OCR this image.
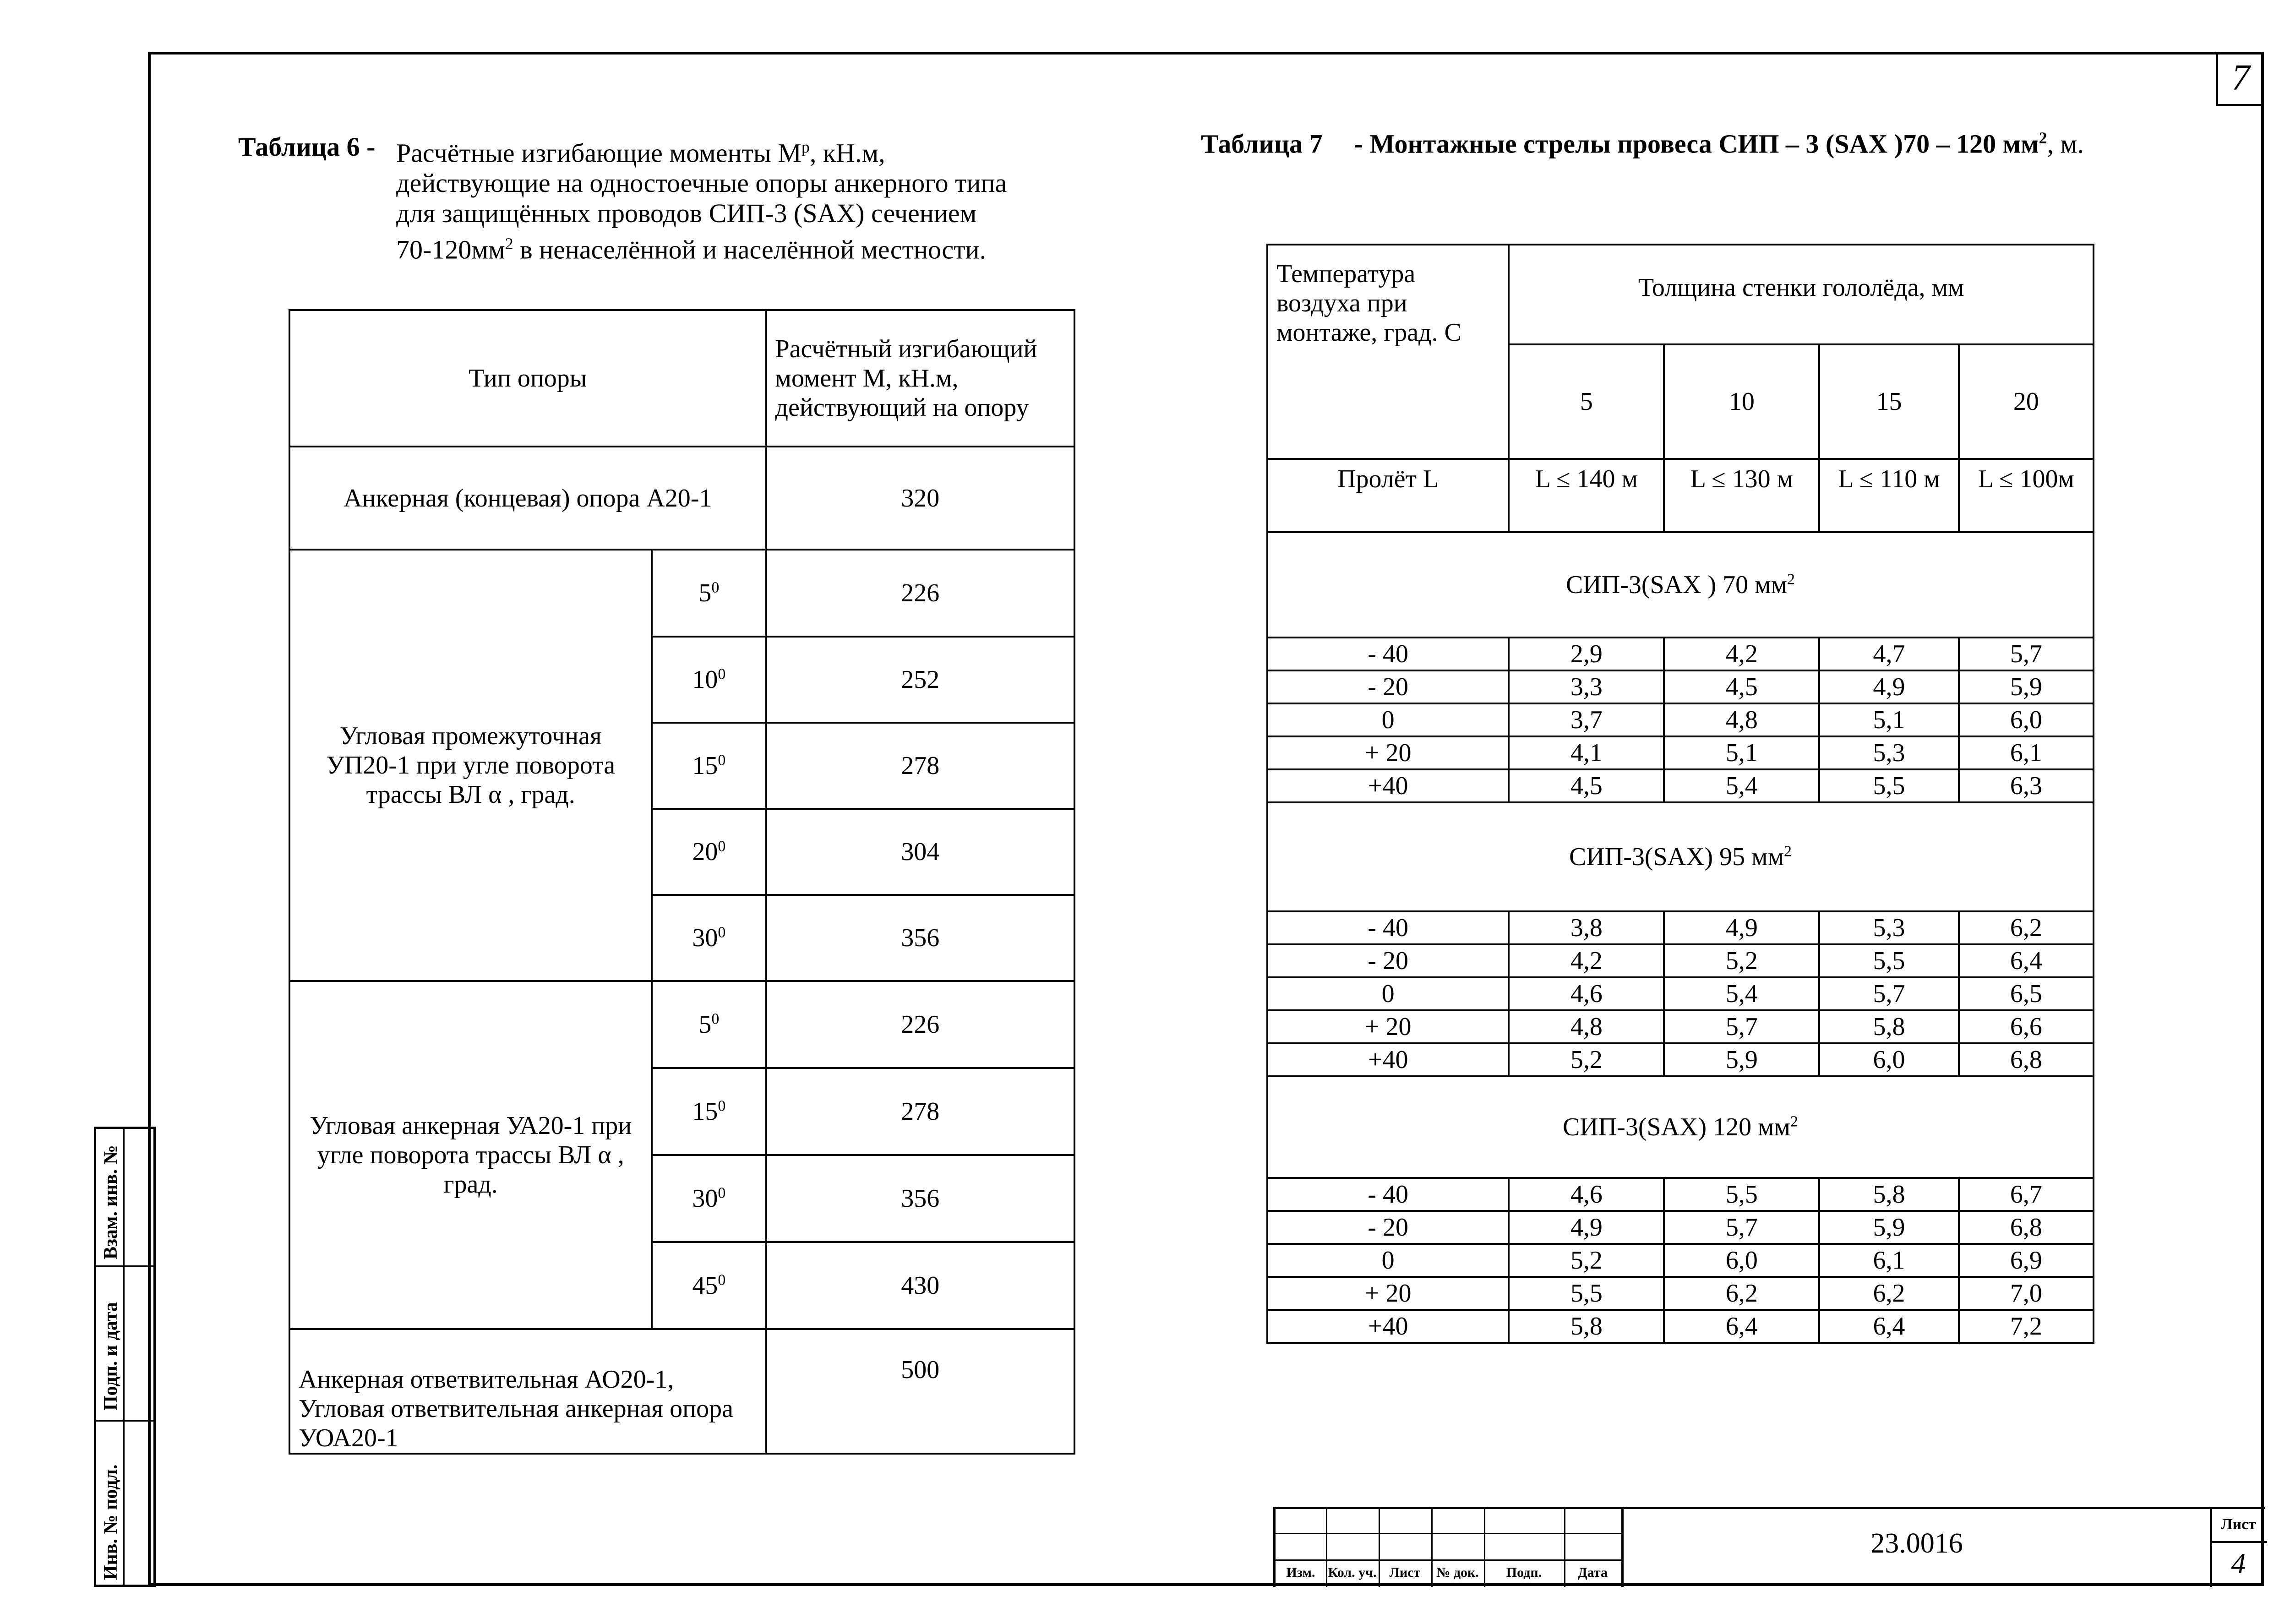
7
Взам. инв. №
Подп. и дата
Инв. № подл.
Таблица 6 - Расчётные изгибающие моменты $М^р$, кН.м,
действующие на одностоечные опоры анкерного типа
для защищённых проводов СИП-3 (SAX) сечением
$70-120мм^2$ в ненаселённой и населённой местности.
Тип опоры		Расчётный изгибающий момент М, кН.м, действующий на опору
Анкерная (концевая) опора А20-1		320
Угловая промежуточная УП20-1 при угле поворота трассы ВЛ α , град.	$5^0$	226
	$10^0$	252
	$15^0$	278
	$20^0$	304
	$30^0$	356
Угловая анкерная УА20-1 при угле поворота трассы ВЛ α , град.	$5^0$	226
	$15^0$	278
	$30^0$	356
	$45^0$	430
Анкерная ответвительная АО20-1, Угловая ответвительная анкерная опора УОА20-1		500
Таблица 7 - Монтажные стрелы провеса СИП – 3 (SAX )70 – 120 $мм^2$, м.
Температура воздуха при монтаже, град. С	Толщина стенки гололёда, мм			
	5	10	15	20
Пролёт L	L ≤ 140 м	L ≤ 130 м	L ≤ 110 м	L ≤ 100м
СИП-3(SAX ) 70 $мм^2$
- 40	2,9	4,2	4,7	5,7
- 20	3,3	4,5	4,9	5,9
0	3,7	4,8	5,1	6,0
+ 20	4,1	5,1	5,3	6,1
+40	4,5	5,4	5,5	6,3
СИП-3(SAX) 95 $мм^2$
- 40	3,8	4,9	5,3	6,2
- 20	4,2	5,2	5,5	6,4
0	4,6	5,4	5,7	6,5
+ 20	4,8	5,7	5,8	6,6
+40	5,2	5,9	6,0	6,8
СИП-3(SAX) 120 $мм^2$
- 40	4,6	5,5	5,8	6,7
- 20	4,9	5,7	5,9	6,8
0	5,2	6,0	6,1	6,9
+ 20	5,5	6,2	6,2	7,0
+40	5,8	6,4	6,4	7,2
Изм. Кол. уч. Лист	№ док.	Подп.	Дата
23.0016
Лист
4
